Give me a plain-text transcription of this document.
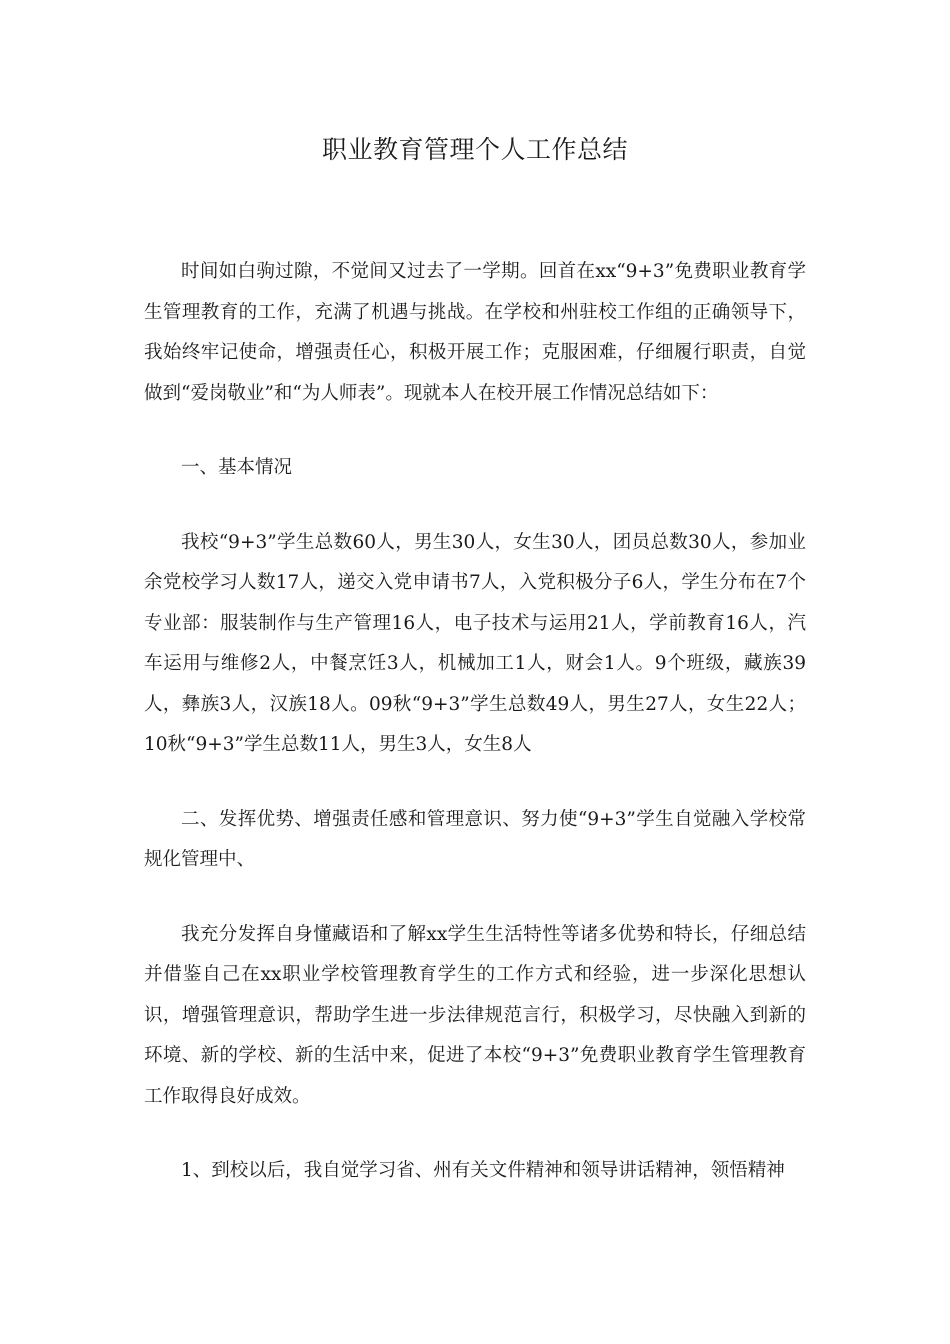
职业教育管理个人工作总结

时间如白驹过隙，不觉间又过去了一学期。回首在xx“9+3”免费职业教育学生管理教育的工作，充满了机遇与挑战。在学校和州驻校工作组的正确领导下，我始终牢记使命，增强责任心，积极开展工作；克服困难，仔细履行职责，自觉做到“爱岗敬业”和“为人师表”。现就本人在校开展工作情况总结如下：

一、基本情况

我校“9+3”学生总数60人，男生30人，女生30人，团员总数30人，参加业余党校学习人数17人，递交入党申请书7人，入党积极分子6人，学生分布在7个专业部：服装制作与生产管理16人，电子技术与运用21人，学前教育16人，汽车运用与维修2人，中餐烹饪3人，机械加工1人，财会1人。9个班级，藏族39人，彝族3人，汉族18人。09秋“9+3”学生总数49人，男生27人，女生22人；10秋“9+3”学生总数11人，男生3人，女生8人

二、发挥优势、增强责任感和管理意识、努力使“9+3”学生自觉融入学校常规化管理中、

我充分发挥自身懂藏语和了解xx学生生活特性等诸多优势和特长，仔细总结并借鉴自己在xx职业学校管理教育学生的工作方式和经验，进一步深化思想认识，增强管理意识，帮助学生进一步法律规范言行，积极学习，尽快融入到新的环境、新的学校、新的生活中来，促进了本校“9+3”免费职业教育学生管理教育工作取得良好成效。

1、到校以后，我自觉学习省、州有关文件精神和领导讲话精神，领悟精神
